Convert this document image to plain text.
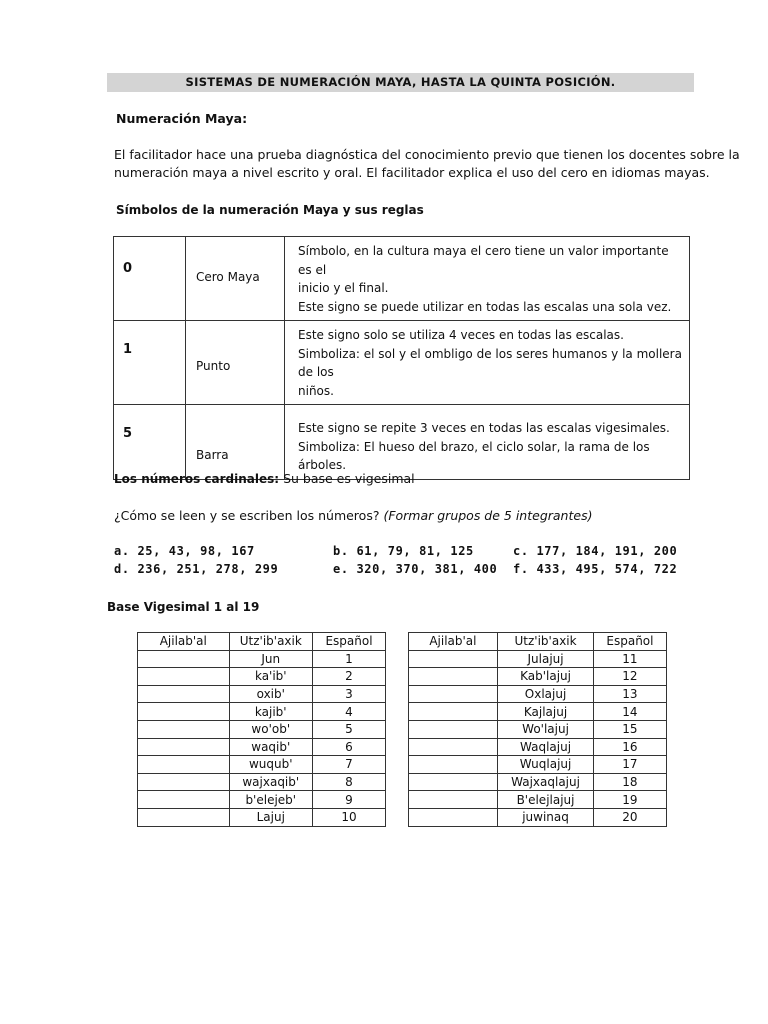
SISTEMAS DE NUMERACIÓN MAYA, HASTA LA QUINTA POSICIÓN.
Numeración Maya:
El facilitador hace una prueba diagnóstica del conocimiento previo que tienen los docentes sobre la
numeración maya a nivel escrito y oral. El facilitador explica el uso del cero en idiomas mayas.
Símbolos de la numeración Maya y sus reglas
0	Cero Maya	Símbolo, en la cultura maya el cero tiene un valor importante es el
inicio y el final.
Este signo se puede utilizar en todas las escalas una sola vez.

1	Punto	Este signo solo se utiliza 4 veces en todas las escalas.
Simboliza: el sol y el ombligo de los seres humanos y la mollera de los
niños.

5	Barra	Este signo se repite 3 veces en todas las escalas vigesimales.
Simboliza: El hueso del brazo, el ciclo solar, la rama de los árboles.
Los números cardinales: Su base es vigesimal
¿Cómo se leen y se escriben los números? (Formar grupos de 5 integrantes)
a. 25, 43, 98, 167	b. 61, 79, 81, 125	c. 177, 184, 191, 200
d. 236, 251, 278, 299	e. 320, 370, 381, 400 f. 433, 495, 574, 722
Base Vigesimal 1 al 19
Ajilab'al	Utz'ib'axik	Español		Ajilab'al	Utz'ib'axik	Español
	Jun	1			Julajuj	11
	ka'ib'	2			Kab'lajuj	12
	oxib'	3			Oxlajuj	13
	kajib'	4			Kajlajuj	14
	wo'ob'	5			Wo'lajuj	15
	waqib'	6			Waqlajuj	16
	wuqub'	7			Wuqlajuj	17
	wajxaqib'	8			Wajxaqlajuj	18
	b'elejeb'	9			B'elejlajuj	19
	Lajuj	10			juwinaq	20
